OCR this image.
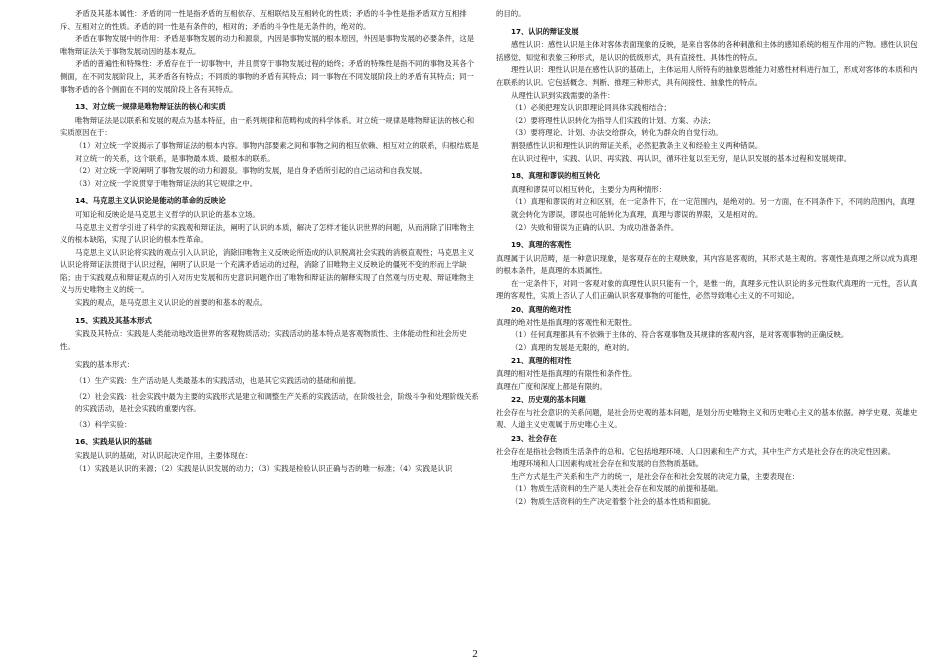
矛盾及其基本属性：矛盾的同一性是指矛盾的互相依存、互相联结及互相转化的性质；矛盾的斗争性是指矛盾双方互相排斥、互相对立的性质。矛盾的同一性是有条件的，相对的；矛盾的斗争性是无条件的，绝对的。
矛盾在事物发展中的作用：矛盾是事物发展的动力和源泉，内因是事物发展的根本原因，外因是事物发展的必要条件，这是唯物辩证法关于事物发展动因的基本观点。
矛盾的普遍性和特殊性：矛盾存在于一切事物中，并且贯穿于事物发展过程的始终；矛盾的特殊性是指不同的事物及其各个侧面，在不同发展阶段上，其矛盾各有特点；不同质的事物的矛盾有其特点；同一事物在不同发展阶段上的矛盾有其特点；同一事物矛盾的各个侧面在不同的发展阶段上各有其特点。
13、对立统一规律是唯物辩证法的核心和实质
唯物辩证法是以联系和发展的观点为基本特征，由一系列规律和范畴构成的科学体系。对立统一规律是唯物辩证法的核心和实质原因在于：
（1）对立统一学说揭示了事物辩证法的根本内容。事物内部要素之间和事物之间的相互依赖、相互对立的联系，归根结底是对立统一的关系，这个联系，是事物最本质、最根本的联系。
（2）对立统一学说阐明了事物发展的动力和源泉。事物的发展，是自身矛盾所引起的自己运动和自我发展。
（3）对立统一学说贯穿于唯物辩证法的其它规律之中。
14、马克思主义认识论是能动的革命的反映论
可知论和反映论是马克思主义哲学的认识论的基本立场。
马克思主义哲学引进了科学的实践观和辩证法，阐明了认识的本质，解决了怎样才能认识世界的问题，从而消除了旧唯物主义的根本缺陷，实现了认识论的根本性革命。
马克思主义认识论将实践的观点引入认识论，消除旧唯物主义反映论所造成的认识脱离社会实践的消极直观性；马克思主义认识论将辩证法贯彻于认识过程，阐明了认识是一个充满矛盾运动的过程，消除了旧唯物主义反映论的僵死不变的形而上学缺陷；由于实践观点和辩证观点的引入对历史发展和历史意识问题作出了唯物和辩证法的解释实现了自然观与历史观、辩证唯物主义与历史唯物主义的统一。
实践的观点，是马克思主义认识论的首要的和基本的观点。
15、实践及其基本形式
实践及其特点：实践是人类能动地改造世界的客观物质活动；实践活动的基本特点是客观物质性、主体能动性和社会历史性。
实践的基本形式：
（1）生产实践：生产活动是人类最基本的实践活动，也是其它实践活动的基础和前提。
（2）社会实践：社会实践中最为主要的实践形式是建立和调整生产关系的实践活动，在阶级社会，阶级斗争和处理阶级关系的实践活动，是社会实践的重要内容。
（3）科学实验：
16、实践是认识的基础
实践是认识的基础，对认识起决定作用，主要体现在：
（1）实践是认识的来源；（2）实践是认识发展的动力；（3）实践是检验认识正确与否的唯一标准；（4）实践是认识
的目的。
17、认识的辩证发展
感性认识：感性认识是主体对客体表面现象的反映，是来自客体的各种刺激和主体的感知系统的相互作用的产物。感性认识包括感觉、知觉和表象三种形式，是认识的低级形式，具有直接性、具体性的特点。
理性认识：理性认识是在感性认识的基础上，主体运用人所特有的抽象思维能力对感性材料进行加工，形成对客体的本质和内在联系的认识。它包括概念、判断、推理三种形式，具有间接性、抽象性的特点。
从理性认识到实践需要的条件：
（1）必须把理发认识即理论同具体实践相结合；
（2）要将理性认识转化为指导人们实践的计划、方案、办法；
（3）要将理论、计划、办法交给群众，转化为群众的自觉行动。
割裂感性认识和理性认识的辩证关系，必然犯教条主义和经验主义两种错误。
在认识过程中，实践、认识、再实践、再认识，循环往复以至无穷，是认识发展的基本过程和发展规律。
18、真理和谬误的相互转化
真理和谬误可以相互转化，主要分为两种情形：
（1）真理和谬误的对立和区别，在一定条件下，在一定范围内，是绝对的。另一方面，在不同条件下，不同的范围内，真理就会转化为谬误，谬误也可能转化为真理，真理与谬误的界限，又是相对的。
（2）失败和错误为正确的认识、为成功准备条件。
19、真理的客观性
真理属于认识范畴，是一种意识现象，是客观存在的主观映象，其内容是客观的，其形式是主观的。客观性是真理之所以成为真理的根本条件，是真理的本质属性。
在一定条件下，对同一客观对象的真理性认识只能有一个，是惟一的，真理多元性认识论的多元性取代真理的一元性，否认真理的客观性，实质上否认了人们正确认识客观事物的可能性，必然导致唯心主义的不可知论。
20、真理的绝对性
真理的绝对性是指真理的客观性和无限性。
（1）任何真理都具有不依赖于主体的、符合客观事物及其规律的客观内容，是对客观事物的正确反映。
（2）真理的发展是无限的，绝对的。
21、真理的相对性
真理的相对性是指真理的有限性和条件性。
真理在广度和深度上都是有限的。
22、历史观的基本问题
社会存在与社会意识的关系问题，是社会历史观的基本问题，是划分历史唯物主义和历史唯心主义的基本依据。神学史观、英雄史观、人道主义史观属于历史唯心主义。
23、社会存在
社会存在是指社会物质生活条件的总和。它包括地理环境、人口因素和生产方式，其中生产方式是社会存在的决定性因素。
地理环境和人口因素构成社会存在和发展的自然物质基础。
生产方式是生产关系和生产力的统一，是社会存在和社会发展的决定力量，主要表现在：
（1）物质生活资料的生产是人类社会存在和发展的前提和基础。
（2）物质生活资料的生产决定着整个社会的基本性质和面貌。
2
